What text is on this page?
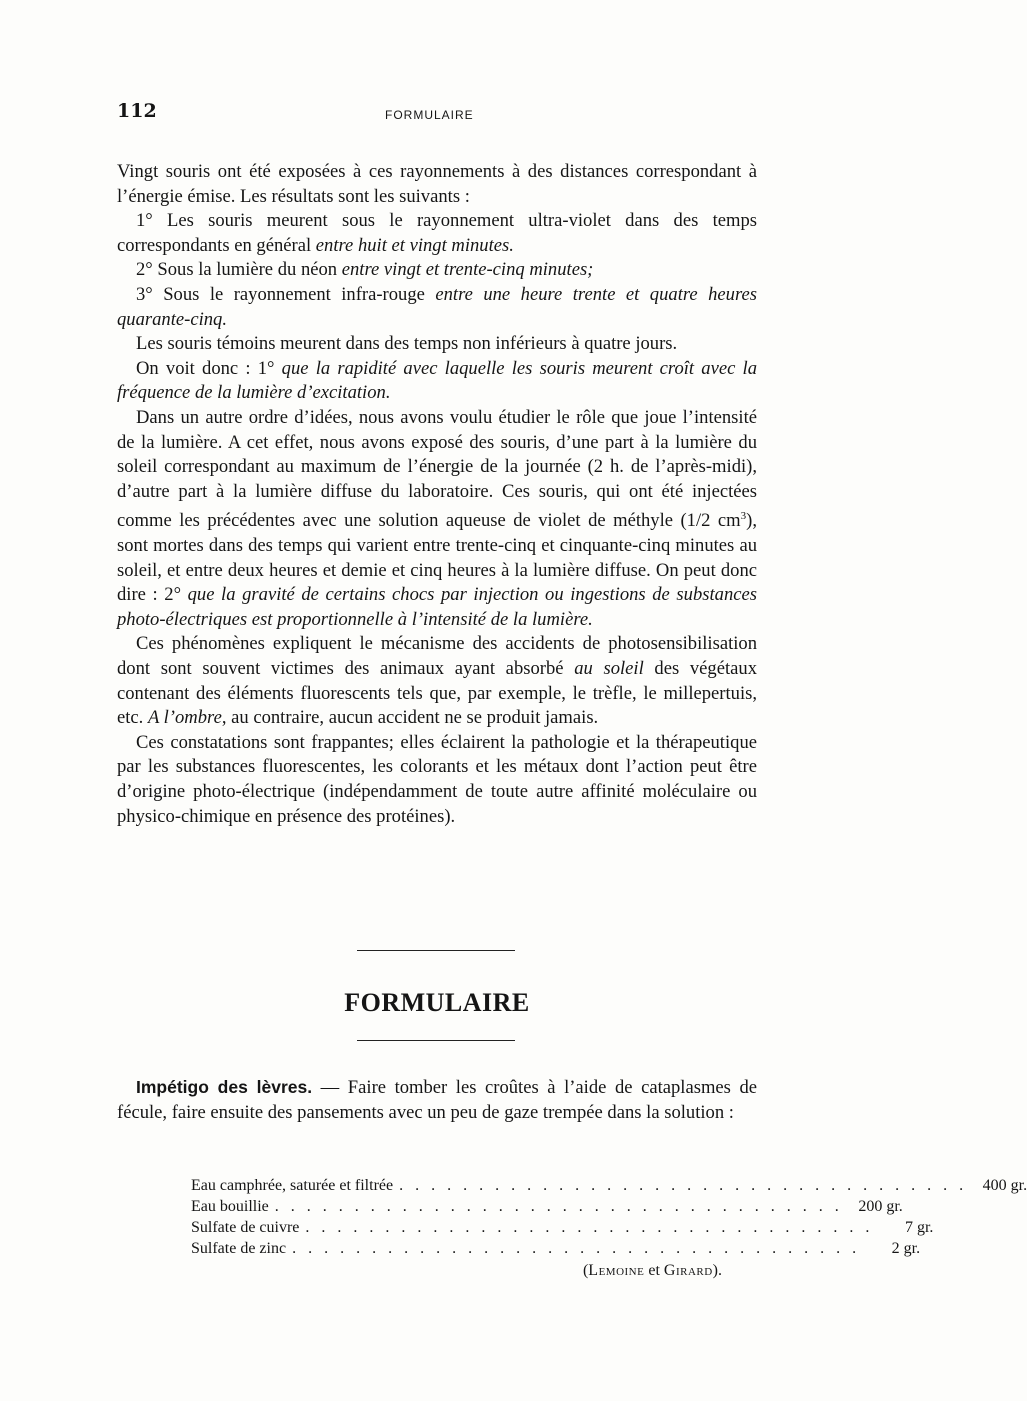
112	FORMULAIRE

Vingt souris ont été exposées à ces rayonnements à des distances correspondant à l’énergie émise. Les résultats sont les suivants :

1° Les souris meurent sous le rayonnement ultra-violet dans des temps correspondants en général entre huit et vingt minutes.

2° Sous la lumière du néon entre vingt et trente-cinq minutes;

3° Sous le rayonnement infra-rouge entre une heure trente et quatre heures quarante-cinq.

Les souris témoins meurent dans des temps non inférieurs à quatre jours.

On voit donc : 1° que la rapidité avec laquelle les souris meurent croît avec la fréquence de la lumière d’excitation.

Dans un autre ordre d’idées, nous avons voulu étudier le rôle que joue l’intensité de la lumière. A cet effet, nous avons exposé des souris, d’une part à la lumière du soleil correspondant au maximum de l’énergie de la journée (2 h. de l’après-midi), d’autre part à la lumière diffuse du laboratoire. Ces souris, qui ont été injectées comme les précédentes avec une solution aqueuse de violet de méthyle (1/2 $cm^3$), sont mortes dans des temps qui varient entre trente-cinq et cinquante-cinq minutes au soleil, et entre deux heures et demie et cinq heures à la lumière diffuse. On peut donc dire : 2° que la gravité de certains chocs par injection ou ingestions de substances photo-électriques est proportionnelle à l’intensité de la lumière.

Ces phénomènes expliquent le mécanisme des accidents de photosensibilisation dont sont souvent victimes des animaux ayant absorbé au soleil des végétaux contenant des éléments fluorescents tels que, par exemple, le trèfle, le millepertuis, etc. A l’ombre, au contraire, aucun accident ne se produit jamais.

Ces constatations sont frappantes; elles éclairent la pathologie et la thérapeutique par les substances fluorescentes, les colorants et les métaux dont l’action peut être d’origine photo-électrique (indépendamment de toute autre affinité moléculaire ou physico-chimique en présence des protéines).

FORMULAIRE

Impétigo des lèvres. — Faire tomber les croûtes à l’aide de cataplasmes de fécule, faire ensuite des pansements avec un peu de gaze trempée dans la solution :

Eau camphrée, saturée et filtrée . . . . . . . . . . . . . . . . . . . . . . . . . . . . . . . . . . . . 400 gr.
Eau bouillie . . . . . . . . . . . . . . . . . . . . . . . . . . . . . . . . . . . . 200 gr.
Sulfate de cuivre . . . . . . . . . . . . . . . . . . . . . . . . . . . . . . . . . . . .	7 gr.
Sulfate de zinc . . . . . . . . . . . . . . . . . . . . . . . . . . . . . . . . . . . .	2 gr.
(Lemoine et Girard).
